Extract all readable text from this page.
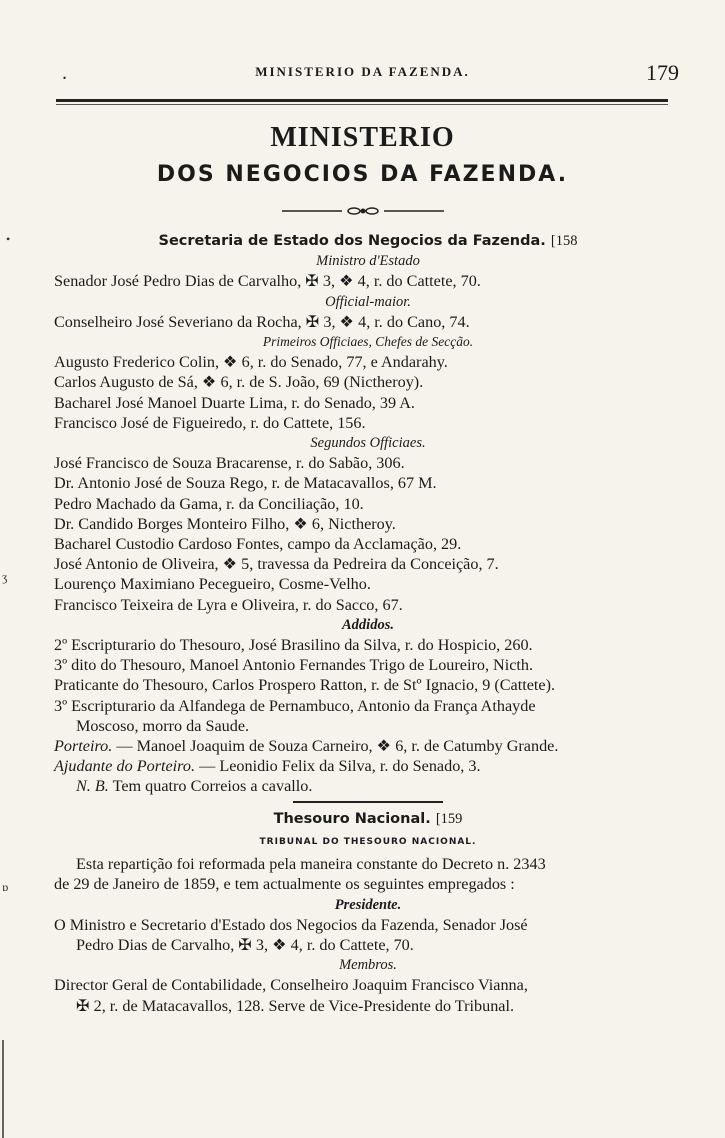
.	MINISTERIO DA FAZENDA.	179
MINISTERIO
DOS NEGOCIOS DA FAZENDA.
Secretaria de Estado dos Negocios da Fazenda. [158
Ministro d'Estado
Senador José Pedro Dias de Carvalho, ✠ 3, ❖ 4, r. do Cattete, 70.
Official-maior.
Conselheiro José Severiano da Rocha, ✠ 3, ❖ 4, r. do Cano, 74.
Primeiros Officiaes, Chefes de Secção.
Augusto Frederico Colin, ❖ 6, r. do Senado, 77, e Andarahy.
Carlos Augusto de Sá, ❖ 6, r. de S. João, 69 (Nictheroy).
Bacharel José Manoel Duarte Lima, r. do Senado, 39 A.
Francisco José de Figueiredo, r. do Cattete, 156.
Segundos Officiaes.
José Francisco de Souza Bracarense, r. do Sabão, 306.
Dr. Antonio José de Souza Rego, r. de Matacavallos, 67 M.
Pedro Machado da Gama, r. da Conciliação, 10.
Dr. Candido Borges Monteiro Filho, ❖ 6, Nictheroy.
Bacharel Custodio Cardoso Fontes, campo da Acclamação, 29.
José Antonio de Oliveira, ❖ 5, travessa da Pedreira da Conceição, 7.
Lourenço Maximiano Pecegueiro, Cosme-Velho.
Francisco Teixeira de Lyra e Oliveira, r. do Sacco, 67.
Addidos.
2º Escripturario do Thesouro, José Brasilino da Silva, r. do Hospicio, 260.
3º dito do Thesouro, Manoel Antonio Fernandes Trigo de Loureiro, Nicth.
Praticante do Thesouro, Carlos Prospero Ratton, r. de Stº Ignacio, 9 (Cattete).
3º Escripturario da Alfandega de Pernambuco, Antonio da França Athayde
Moscoso, morro da Saude.
Porteiro. — Manoel Joaquim de Souza Carneiro, ❖ 6, r. de Catumby Grande.
Ajudante do Porteiro. — Leonidio Felix da Silva, r. do Senado, 3.
N. B. Tem quatro Correios a cavallo.
Thesouro Nacional. [159
TRIBUNAL DO THESOURO NACIONAL.
Esta repartição foi reformada pela maneira constante do Decreto n. 2343
de 29 de Janeiro de 1859, e tem actualmente os seguintes empregados :
Presidente.
O Ministro e Secretario d'Estado dos Negocios da Fazenda, Senador José
Pedro Dias de Carvalho, ✠ 3, ❖ 4, r. do Cattete, 70.
Membros.
Director Geral de Contabilidade, Conselheiro Joaquim Francisco Vianna,
✠ 2, r. de Matacavallos, 128. Serve de Vice-Presidente do Tribunal.
•
ʒ
ɒ
